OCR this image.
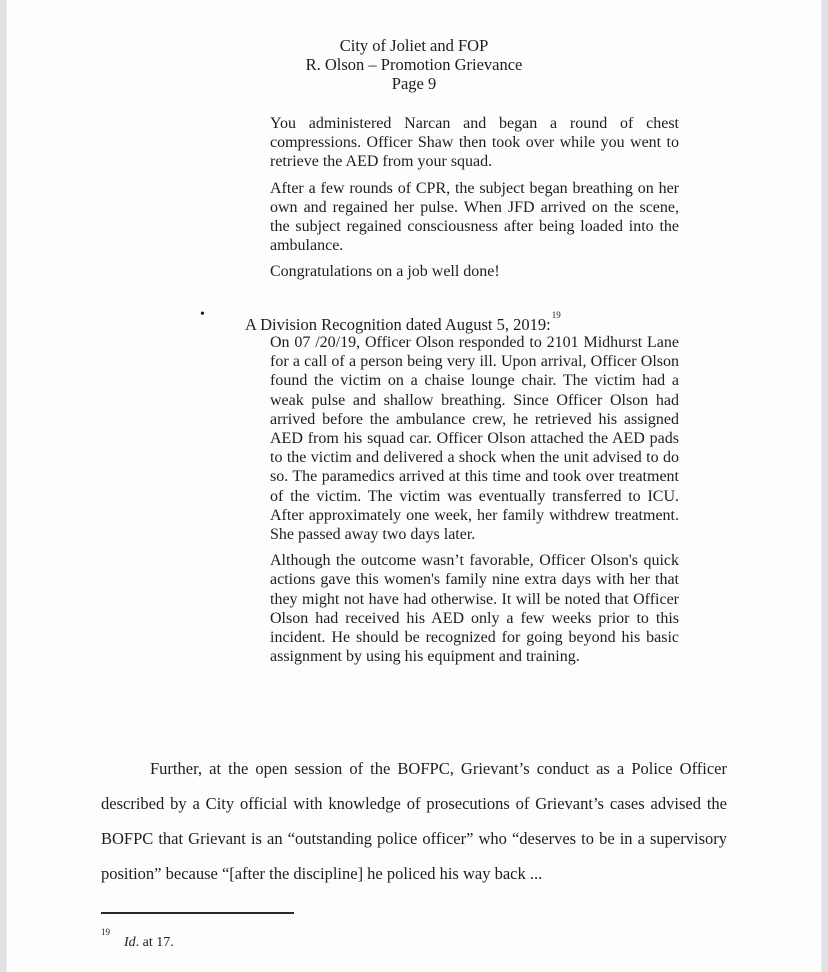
City of Joliet and FOP
R. Olson – Promotion Grievance
Page 9

You administered Narcan and began a round of chest compressions. Officer Shaw then took over while you went to retrieve the AED from your squad.

After a few rounds of CPR, the subject began breathing on her own and regained her pulse. When JFD arrived on the scene, the subject regained consciousness after being loaded into the ambulance.

Congratulations on a job well done!

•
A Division Recognition dated August 5, 2019:$^{19}$

On 07 /20/19, Officer Olson responded to 2101 Midhurst Lane for a call of a person being very ill. Upon arrival, Officer Olson found the victim on a chaise lounge chair. The victim had a weak pulse and shallow breathing. Since Officer Olson had arrived before the ambulance crew, he retrieved his assigned AED from his squad car. Officer Olson attached the AED pads to the victim and delivered a shock when the unit advised to do so. The paramedics arrived at this time and took over treatment of the victim. The victim was eventually transferred to ICU. After approximately one week, her family withdrew treatment. She passed away two days later.

Although the outcome wasn’t favorable, Officer Olson's quick actions gave this women's family nine extra days with her that they might not have had otherwise. It will be noted that Officer Olson had received his AED only a few weeks prior to this incident. He should be recognized for going beyond his basic assignment by using his equipment and training.

Further, at the open session of the BOFPC, Grievant’s conduct as a Police Officer described by a City official with knowledge of prosecutions of Grievant’s cases advised the BOFPC that Grievant is an “outstanding police officer” who “deserves to be in a supervisory position” because “[after the discipline] he policed his way back ...
19
Id. at 17.
